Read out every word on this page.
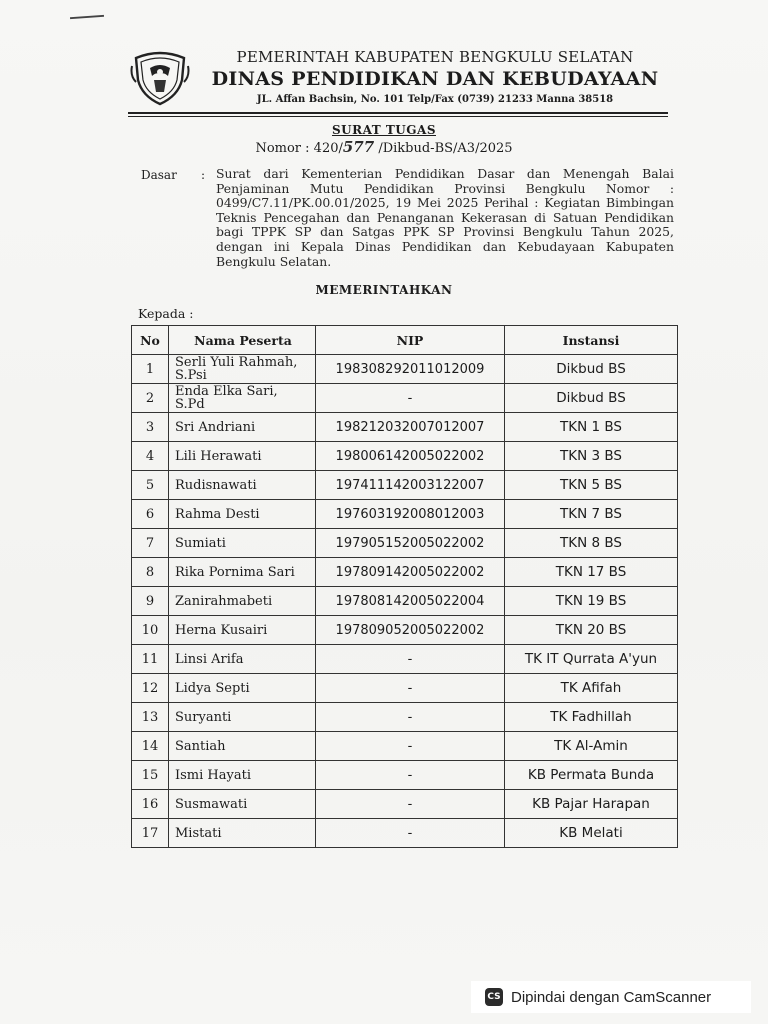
PEMERINTAH KABUPATEN BENGKULU SELATAN
DINAS PENDIDIKAN DAN KEBUDAYAAN
JL. Affan Bachsin, No. 101 Telp/Fax (0739) 21233 Manna 38518
SURAT TUGAS
Nomor : 420/577 /Dikbud-BS/A3/2025
Dasar : Surat dari Kementerian Pendidikan Dasar dan Menengah Balai Penjaminan Mutu Pendidikan Provinsi Bengkulu Nomor : 0499/C7.11/PK.00.01/2025, 19 Mei 2025 Perihal : Kegiatan Bimbingan Teknis Pencegahan dan Penanganan Kekerasan di Satuan Pendidikan bagi TPPK SP dan Satgas PPK SP Provinsi Bengkulu Tahun 2025, dengan ini Kepala Dinas Pendidikan dan Kebudayaan Kabupaten Bengkulu Selatan.
MEMERINTAHKAN
Kepada :
No	Nama Peserta	NIP	Instansi
1	Serli Yuli Rahmah, S.Psi	198308292011012009	Dikbud BS
2	Enda Elka Sari, S.Pd	-	Dikbud BS
3	Sri Andriani	198212032007012007	TKN 1 BS
4	Lili Herawati	198006142005022002	TKN 3 BS
5	Rudisnawati	197411142003122007	TKN 5 BS
6	Rahma Desti	197603192008012003	TKN 7 BS
7	Sumiati	197905152005022002	TKN 8 BS
8	Rika Pornima Sari	197809142005022002	TKN 17 BS
9	Zanirahmabeti	197808142005022004	TKN 19 BS
10	Herna Kusairi	197809052005022002	TKN 20 BS
11	Linsi Arifa	-	TK IT Qurrata A'yun
12	Lidya Septi	-	TK Afifah
13	Suryanti	-	TK Fadhillah
14	Santiah	-	TK Al-Amin
15	Ismi Hayati	-	KB Permata Bunda
16	Susmawati	-	KB Pajar Harapan
17	Mistati	-	KB Melati
CS Dipindai dengan CamScanner
